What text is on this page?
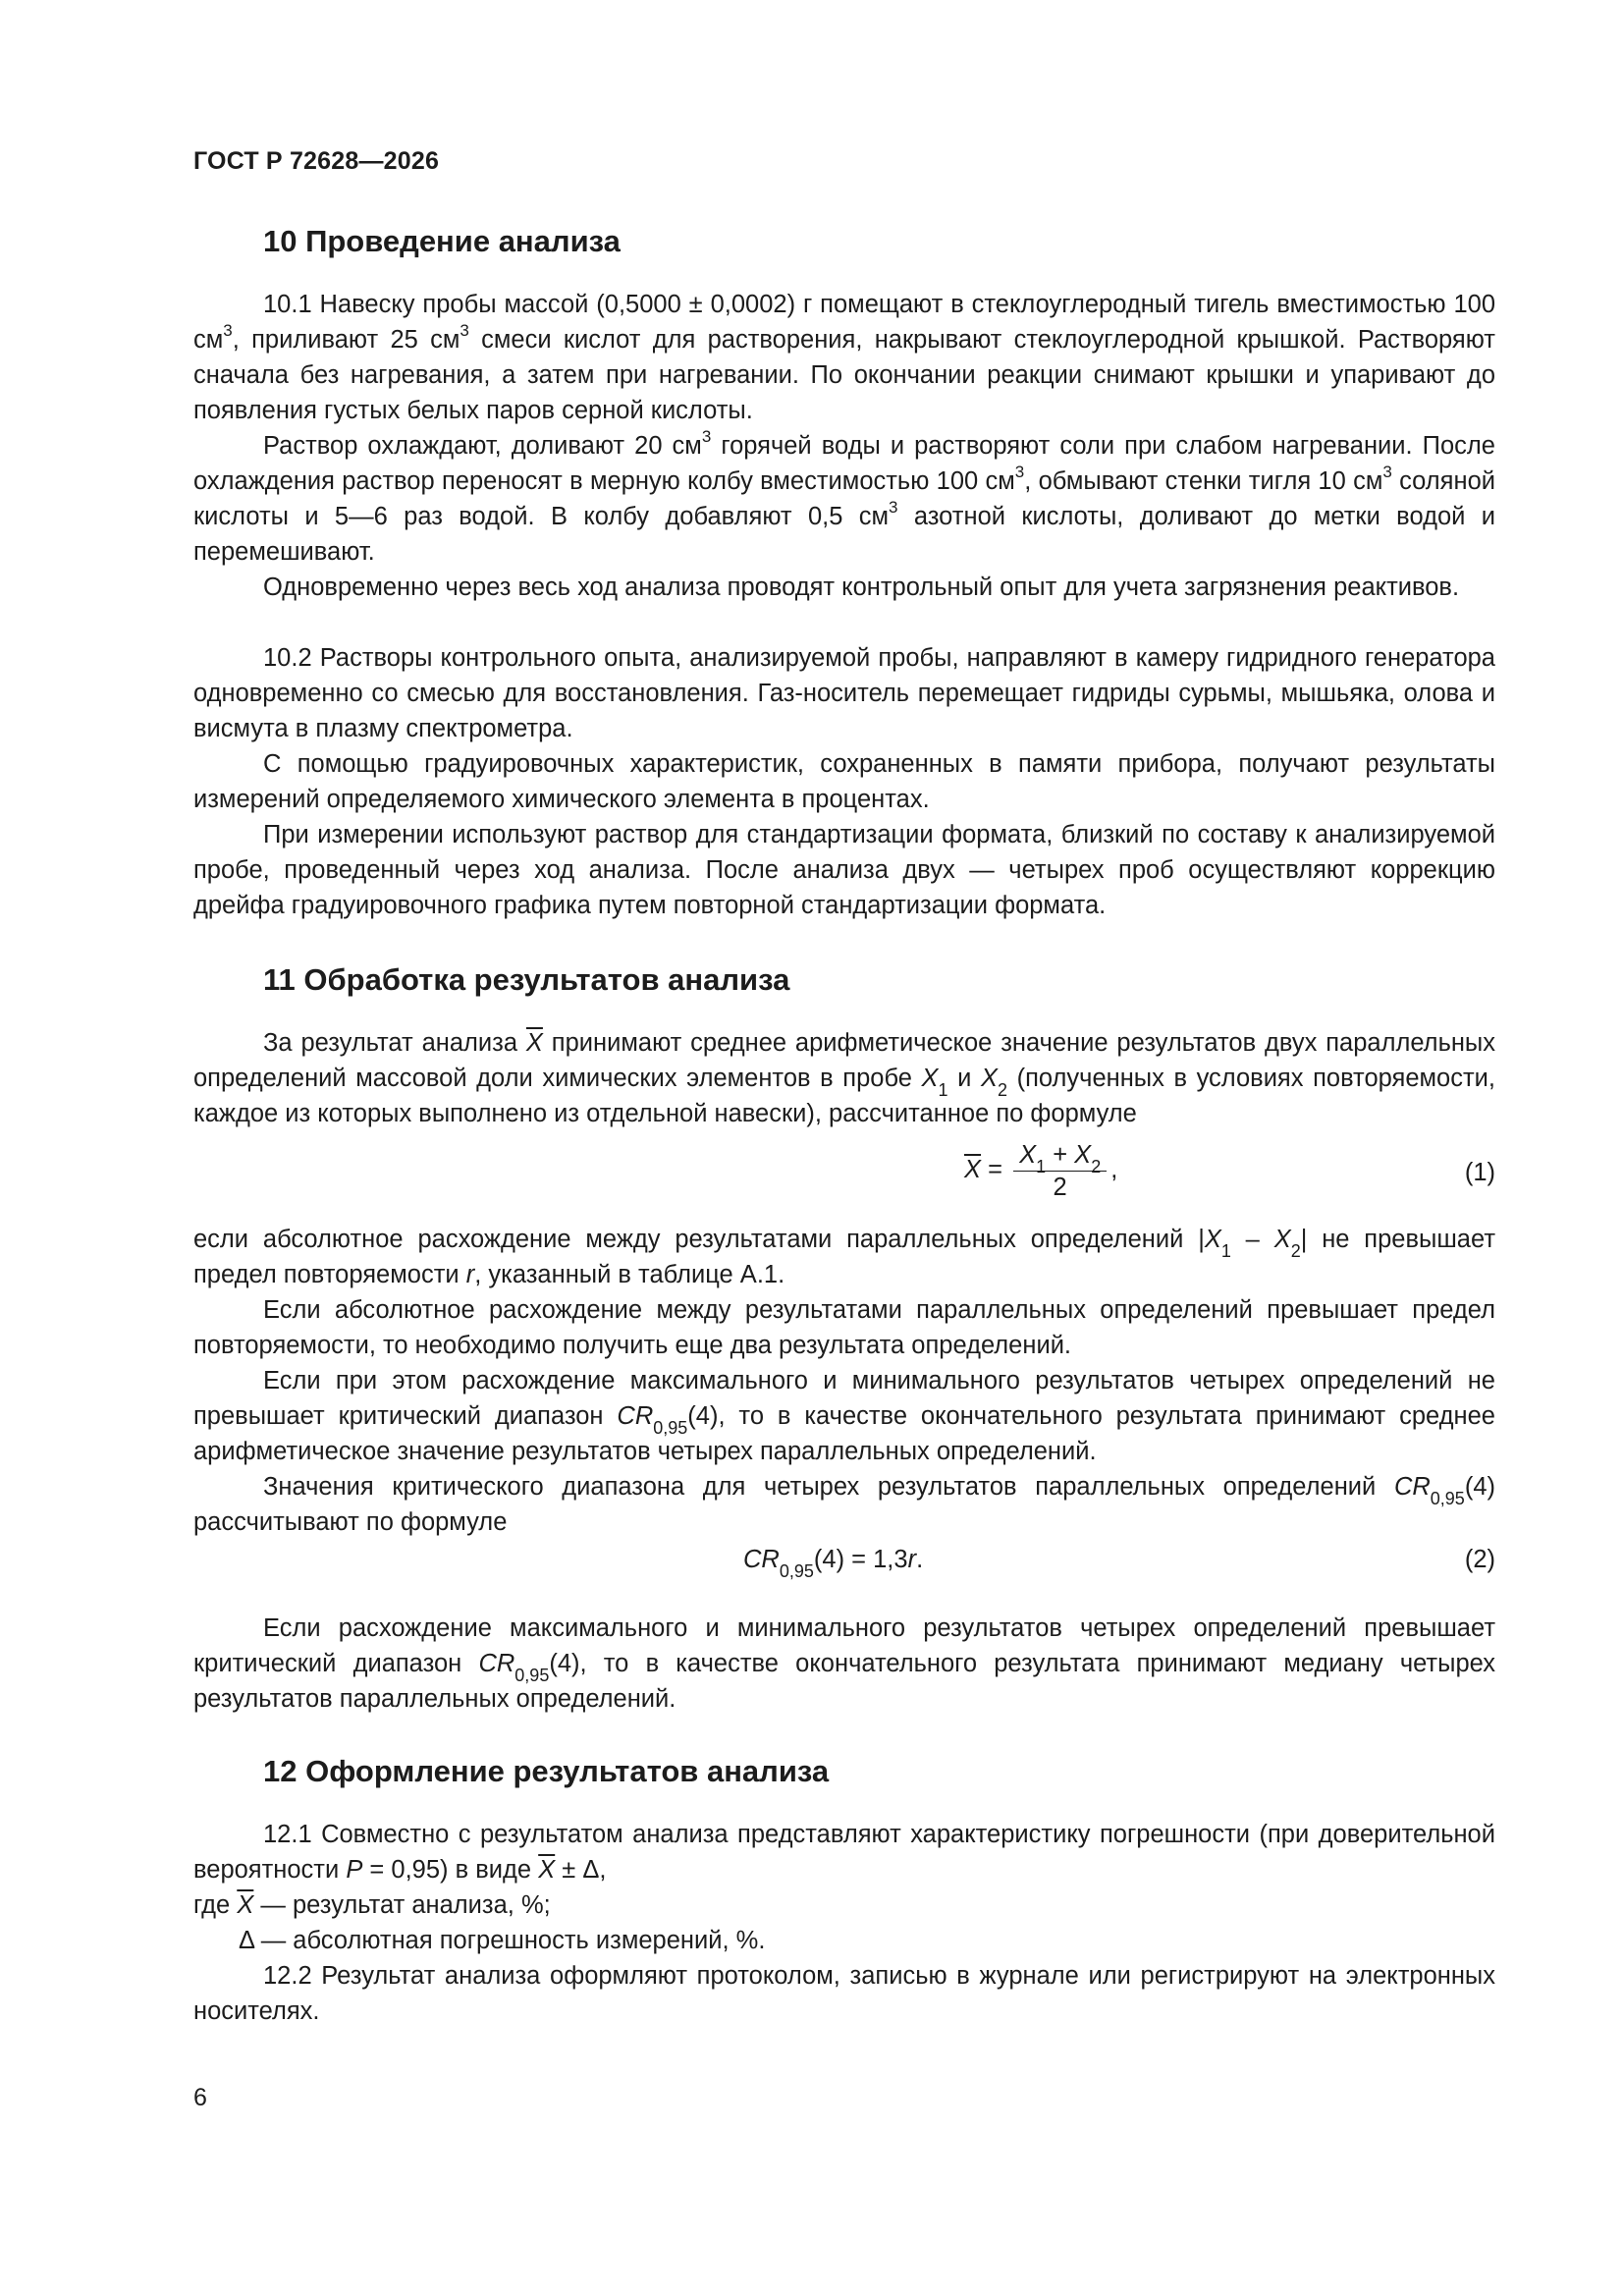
ГОСТ Р 72628—2026
10 Проведение анализа
10.1 Навеску пробы массой (0,5000 ± 0,0002) г помещают в стеклоуглеродный тигель вместимостью 100 $см^3$, приливают 25 $см^3$ смеси кислот для растворения, накрывают стеклоуглеродной крышкой. Растворяют сначала без нагревания, а затем при нагревании. По окончании реакции снимают крышки и упаривают до появления густых белых паров серной кислоты.
Раствор охлаждают, доливают 20 $см^3$ горячей воды и растворяют соли при слабом нагревании. После охлаждения раствор переносят в мерную колбу вместимостью 100 $см^3$, обмывают стенки тигля 10 $см^3$ соляной кислоты и 5—6 раз водой. В колбу добавляют 0,5 $см^3$ азотной кислоты, доливают до метки водой и перемешивают.
Одновременно через весь ход анализа проводят контрольный опыт для учета загрязнения реактивов.
10.2 Растворы контрольного опыта, анализируемой пробы, направляют в камеру гидридного генератора одновременно со смесью для восстановления. Газ-носитель перемещает гидриды сурьмы, мышьяка, олова и висмута в плазму спектрометра.
С помощью градуировочных характеристик, сохраненных в памяти прибора, получают результаты измерений определяемого химического элемента в процентах.
При измерении используют раствор для стандартизации формата, близкий по составу к анализируемой пробе, проведенный через ход анализа. После анализа двух — четырех проб осуществляют коррекцию дрейфа градуировочного графика путем повторной стандартизации формата.
11 Обработка результатов анализа
За результат анализа $\overline{X}$ принимают среднее арифметическое значение результатов двух параллельных определений массовой доли химических элементов в пробе $X_1$ и $X_2$ (полученных в условиях повторяемости, каждое из которых выполнено из отдельной навески), рассчитанное по формуле
$\overline{X} = \frac{X_1 + X_2}{2}$ ,	(1)
если абсолютное расхождение между результатами параллельных определений $|X_1 - X_2|$ не превышает предел повторяемости r, указанный в таблице А.1.
Если абсолютное расхождение между результатами параллельных определений превышает предел повторяемости, то необходимо получить еще два результата определений.
Если при этом расхождение максимального и минимального результатов четырех определений не превышает критический диапазон $CR_{0,95}(4)$, то в качестве окончательного результата принимают среднее арифметическое значение результатов четырех параллельных определений.
Значения критического диапазона для четырех результатов параллельных определений $CR_{0,95}(4)$ рассчитывают по формуле
$CR_{0,95}(4) = 1,3r$.	(2)
Если расхождение максимального и минимального результатов четырех определений превышает критический диапазон $CR_{0,95}(4)$, то в качестве окончательного результата принимают медиану четырех результатов параллельных определений.
12 Оформление результатов анализа
12.1 Совместно с результатом анализа представляют характеристику погрешности (при доверительной вероятности P = 0,95) в виде $\overline{X} \pm \Delta$,
где $\overline{X}$ — результат анализа, %;
Δ — абсолютная погрешность измерений, %.
12.2 Результат анализа оформляют протоколом, записью в журнале или регистрируют на электронных носителях.
6
